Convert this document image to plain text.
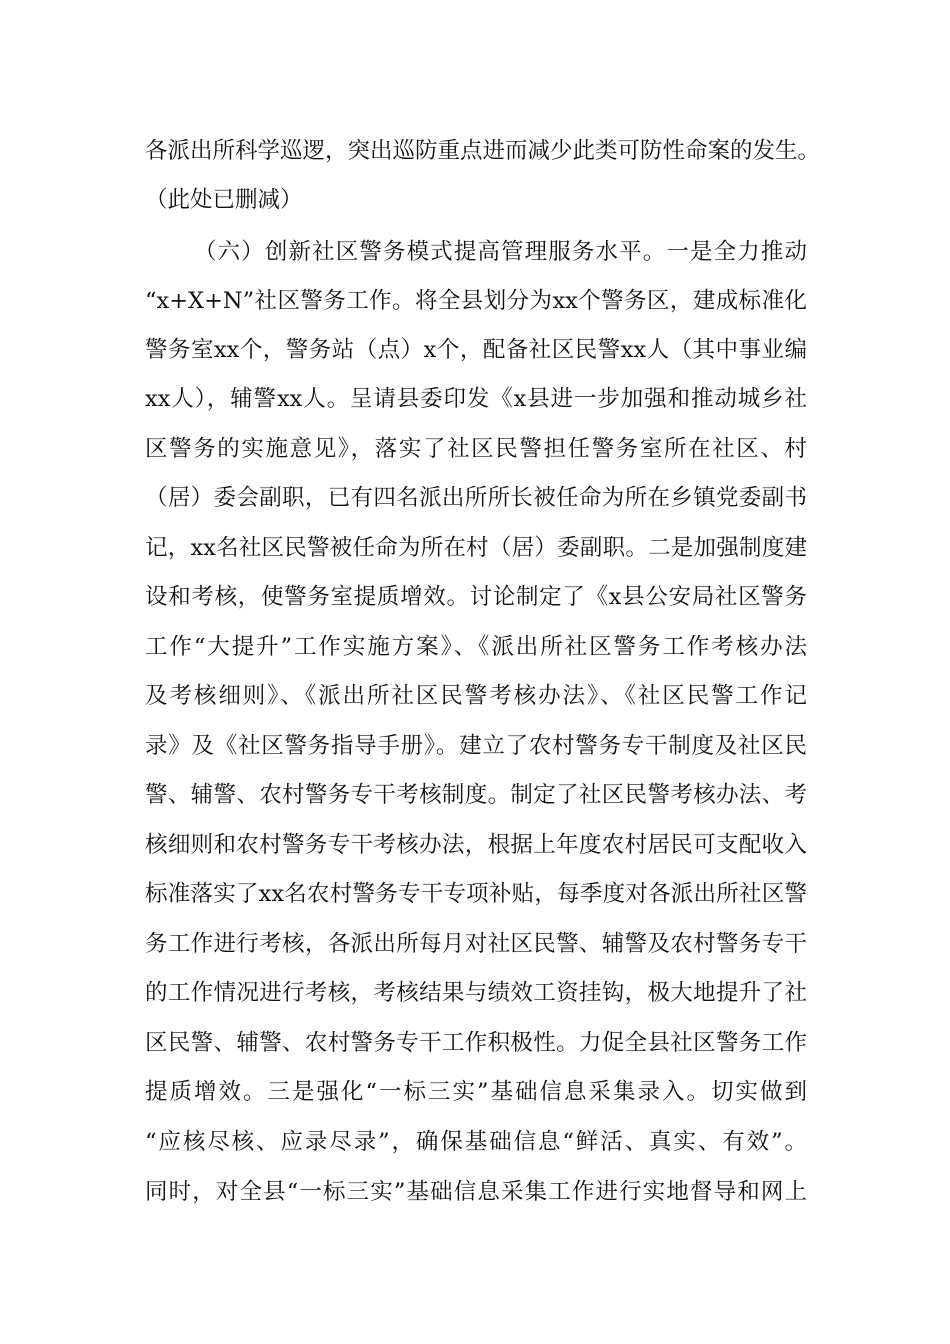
各派出所科学巡逻，突出巡防重点进而减少此类可防性命案的发生。
（此处已删减）
（六）创新社区警务模式提高管理服务水平。一是全力推动
“x+X+N”社区警务工作。将全县划分为xx个警务区，建成标准化
警务室xx个，警务站（点）x个，配备社区民警xx人（其中事业编
xx人），辅警xx人。呈请县委印发《x县进一步加强和推动城乡社
区警务的实施意见》，落实了社区民警担任警务室所在社区、村
（居）委会副职，已有四名派出所所长被任命为所在乡镇党委副书
记，xx名社区民警被任命为所在村（居）委副职。二是加强制度建
设和考核，使警务室提质增效。讨论制定了《x县公安局社区警务
工作“大提升”工作实施方案》、《派出所社区警务工作考核办法
及考核细则》、《派出所社区民警考核办法》、《社区民警工作记
录》及《社区警务指导手册》。建立了农村警务专干制度及社区民
警、辅警、农村警务专干考核制度。制定了社区民警考核办法、考
核细则和农村警务专干考核办法，根据上年度农村居民可支配收入
标准落实了xx名农村警务专干专项补贴，每季度对各派出所社区警
务工作进行考核，各派出所每月对社区民警、辅警及农村警务专干
的工作情况进行考核，考核结果与绩效工资挂钩，极大地提升了社
区民警、辅警、农村警务专干工作积极性。力促全县社区警务工作
提质增效。三是强化“一标三实”基础信息采集录入。切实做到
“应核尽核、应录尽录”，确保基础信息“鲜活、真实、有效”。
同时，对全县“一标三实”基础信息采集工作进行实地督导和网上
